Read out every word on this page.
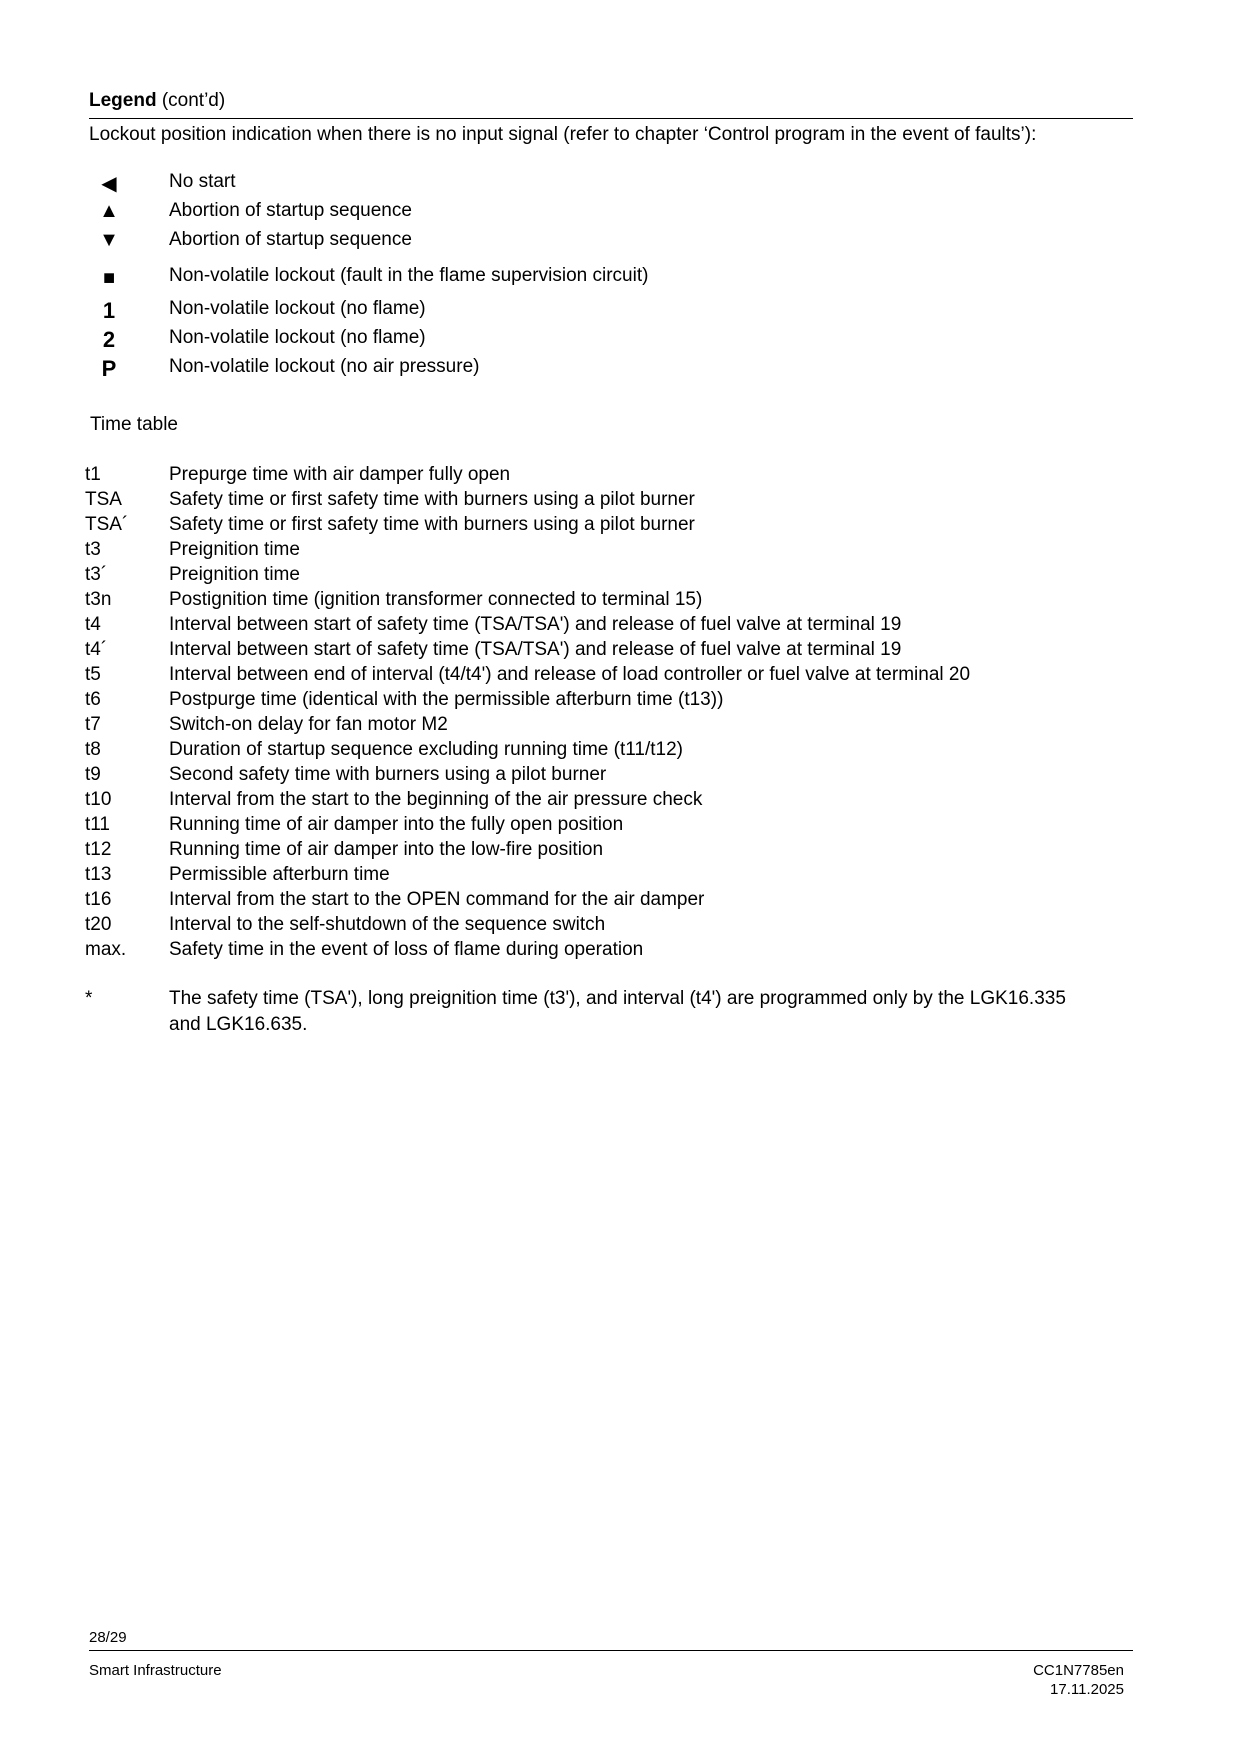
Legend (cont’d)
Lockout position indication when there is no input signal (refer to chapter ‘Control program in the event of faults’):
◀	No start
▲	Abortion of startup sequence
▼	Abortion of startup sequence
■	Non-volatile lockout (fault in the flame supervision circuit)
1	Non-volatile lockout (no flame)
2	Non-volatile lockout (no flame)
P	Non-volatile lockout (no air pressure)
Time table
t1	Prepurge time with air damper fully open
TSA Safety time or first safety time with burners using a pilot burner
TSA´ Safety time or first safety time with burners using a pilot burner
t3	Preignition time
t3´	Preignition time
t3n	Postignition time (ignition transformer connected to terminal 15)
t4	Interval between start of safety time (TSA/TSA') and release of fuel valve at terminal 19
t4´	Interval between start of safety time (TSA/TSA') and release of fuel valve at terminal 19
t5	Interval between end of interval (t4/t4') and release of load controller or fuel valve at terminal 20
t6	Postpurge time (identical with the permissible afterburn time (t13))
t7	Switch-on delay for fan motor M2
t8	Duration of startup sequence excluding running time (t11/t12)
t9	Second safety time with burners using a pilot burner
t10	Interval from the start to the beginning of the air pressure check
t11	Running time of air damper into the fully open position
t12	Running time of air damper into the low-fire position
t13	Permissible afterburn time
t16	Interval from the start to the OPEN command for the air damper
t20	Interval to the self-shutdown of the sequence switch
max. Safety time in the event of loss of flame during operation
*	The safety time (TSA'), long preignition time (t3'), and interval (t4') are programmed only by the LGK16.335
and LGK16.635.
28/29
Smart Infrastructure	CC1N7785en
17.11.2025
